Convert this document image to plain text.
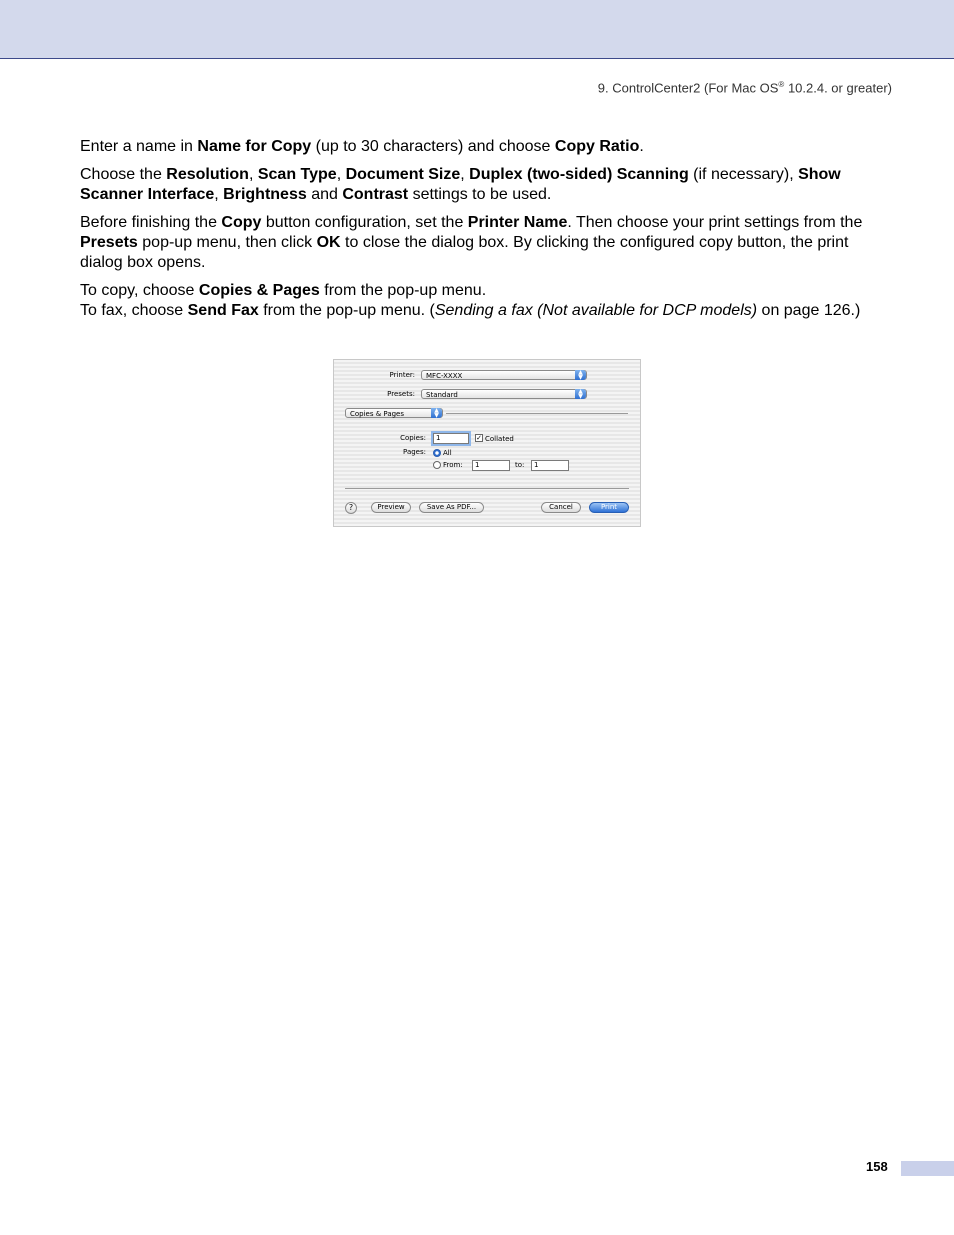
9. ControlCenter2 (For Mac OS® 10.2.4. or greater)

Enter a name in Name for Copy (up to 30 characters) and choose Copy Ratio.

Choose the Resolution, Scan Type, Document Size, Duplex (two-sided) Scanning (if necessary), Show Scanner Interface, Brightness and Contrast settings to be used.

Before finishing the Copy button configuration, set the Printer Name. Then choose your print settings from the Presets pop-up menu, then click OK to close the dialog box. By clicking the configured copy button, the print dialog box opens.

To copy, choose Copies & Pages from the pop-up menu.
To fax, choose Send Fax from the pop-up menu. (Sending a fax (Not available for DCP models) on page 126.)

Printer:	MFC-XXXX	▲
▼
Presets:	Standard	▲
▼
Copies & Pages	▲
▼
Copies:	1	✓ Collated
Pages: All
From:	1	to:	1
?	Preview	Save As PDF...	Cancel	Print
158
